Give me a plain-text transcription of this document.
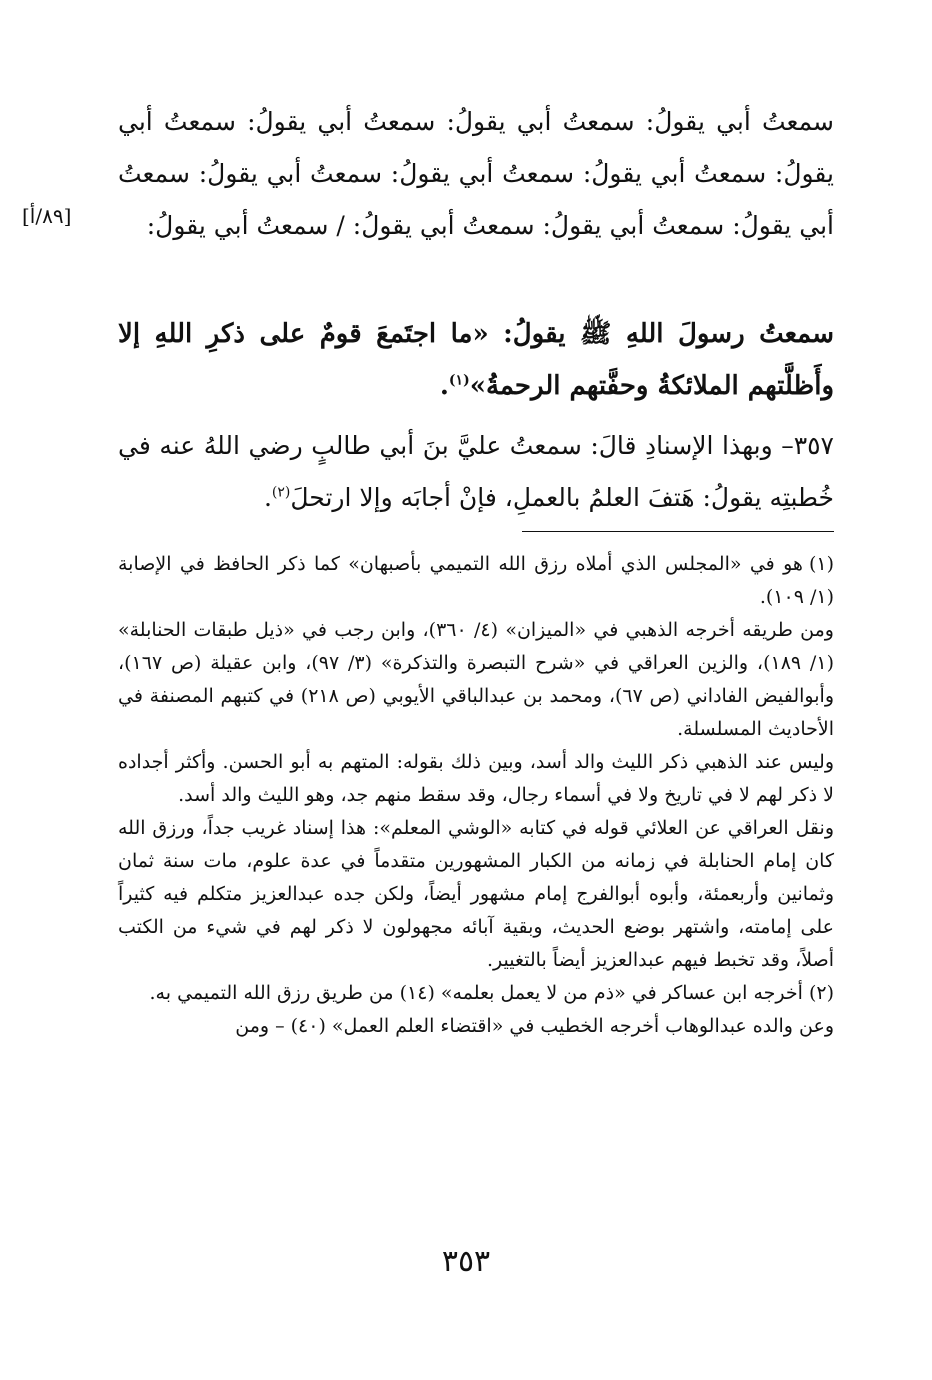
سمعتُ أبي يقولُ: سمعتُ أبي يقولُ: سمعتُ أبي يقولُ: سمعتُ أبي يقولُ: سمعتُ أبي يقولُ: سمعتُ أبي يقولُ: سمعتُ أبي يقولُ: سمعتُ أبي يقولُ: سمعتُ أبي يقولُ: سمعتُ أبي يقولُ: / سمعتُ أبي يقولُ:
[٨٩/أ]
سمعتُ رسولَ اللهِ ﷺ يقولُ: «ما اجتَمعَ قومٌ على ذكرِ اللهِ إلا وأَظلَّتهم الملائكةُ وحفَّتهم الرحمةُ»$^{(١)}$.
٣٥٧– وبهذا الإسنادِ قالَ: سمعتُ عليَّ بنَ أبي طالبٍ رضي اللهُ عنه في خُطبتِه يقولُ: هَتفَ العلمُ بالعملِ، فإنْ أجابَه وإلا ارتحلَ$^{(٢)}$.

(١)هو في «المجلس الذي أملاه رزق الله التميمي بأصبهان» كما ذكر الحافظ في الإصابة (١/ ١٠٩).

ومن طريقه أخرجه الذهبي في «الميزان» (٤/ ٣٦٠)، وابن رجب في «ذيل طبقات الحنابلة» (١/ ١٨٩)، والزين العراقي في «شرح التبصرة والتذكرة» (٣/ ٩٧)، وابن عقيلة (ص ١٦٧)، وأبوالفيض الفاداني (ص ٦٧)، ومحمد بن عبدالباقي الأيوبي (ص ٢١٨) في كتبهم المصنفة في الأحاديث المسلسلة.

وليس عند الذهبي ذكر الليث والد أسد، وبين ذلك بقوله: المتهم به أبو الحسن. وأكثر أجداده لا ذكر لهم لا في تاريخ ولا في أسماء رجال، وقد سقط منهم جد، وهو الليث والد أسد.

ونقل العراقي عن العلائي قوله في كتابه «الوشي المعلم»: هذا إسناد غريب جداً، ورزق الله كان إمام الحنابلة في زمانه من الكبار المشهورين متقدماً في عدة علوم، مات سنة ثمان وثمانين وأربعمئة، وأبوه أبوالفرج إمام مشهور أيضاً، ولكن جده عبدالعزيز متكلم فيه كثيراً على إمامته، واشتهر بوضع الحديث، وبقية آبائه مجهولون لا ذكر لهم في شيء من الكتب أصلاً، وقد تخبط فيهم عبدالعزيز أيضاً بالتغيير.

(٢)أخرجه ابن عساكر في «ذم من لا يعمل بعلمه» (١٤) من طريق رزق الله التميمي به.

وعن والده عبدالوهاب أخرجه الخطيب في «اقتضاء العلم العمل» (٤٠) – ومن

٣٥٣
